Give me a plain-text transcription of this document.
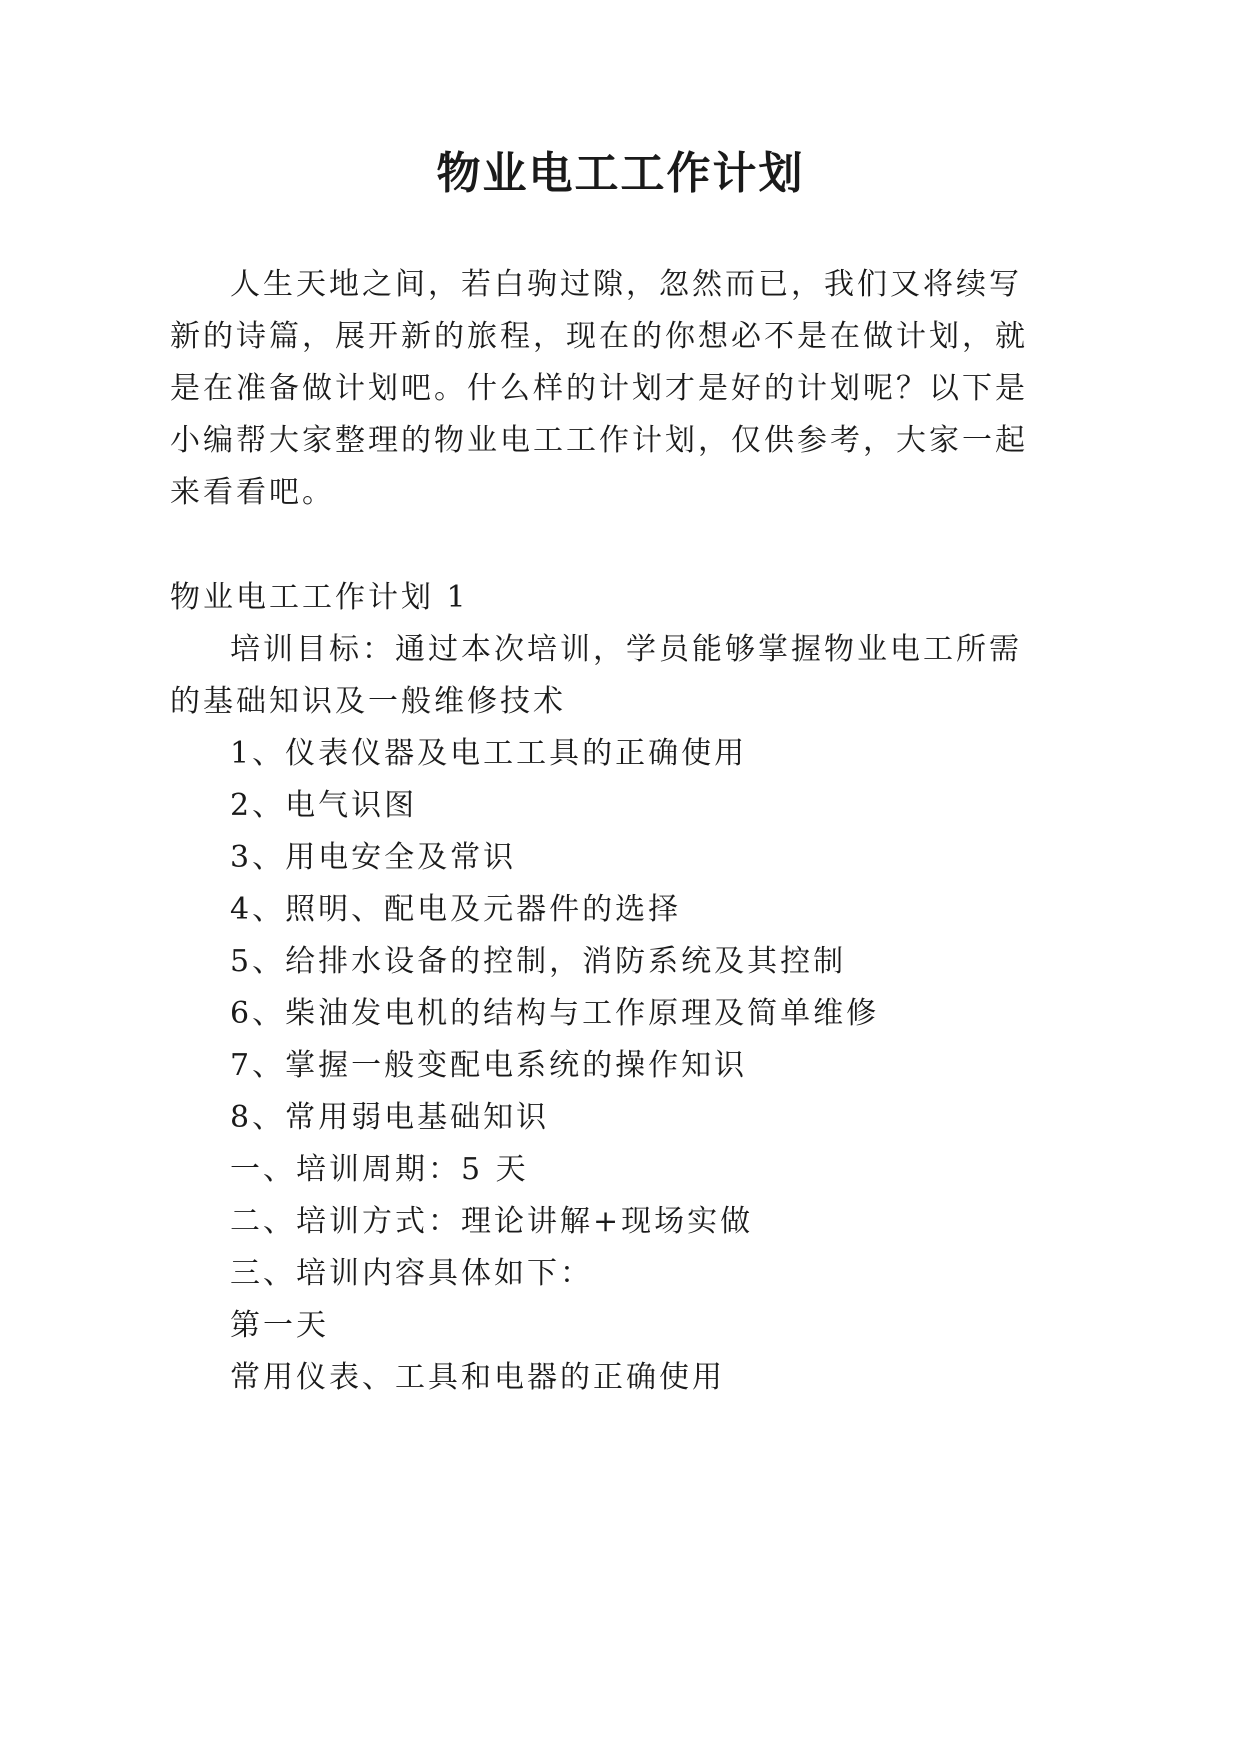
物业电工工作计划
人生天地之间，若白驹过隙，忽然而已，我们又将续写
新的诗篇，展开新的旅程，现在的你想必不是在做计划，就
是在准备做计划吧。什么样的计划才是好的计划呢？以下是
小编帮大家整理的物业电工工作计划，仅供参考，大家一起
来看看吧。
物业电工工作计划 1
培训目标：通过本次培训，学员能够掌握物业电工所需
的基础知识及一般维修技术
1、仪表仪器及电工工具的正确使用
2、电气识图
3、用电安全及常识
4、照明、配电及元器件的选择
5、给排水设备的控制，消防系统及其控制
6、柴油发电机的结构与工作原理及简单维修
7、掌握一般变配电系统的操作知识
8、常用弱电基础知识
一、培训周期：5 天
二、培训方式：理论讲解+现场实做
三、培训内容具体如下：
第一天
常用仪表、工具和电器的正确使用
